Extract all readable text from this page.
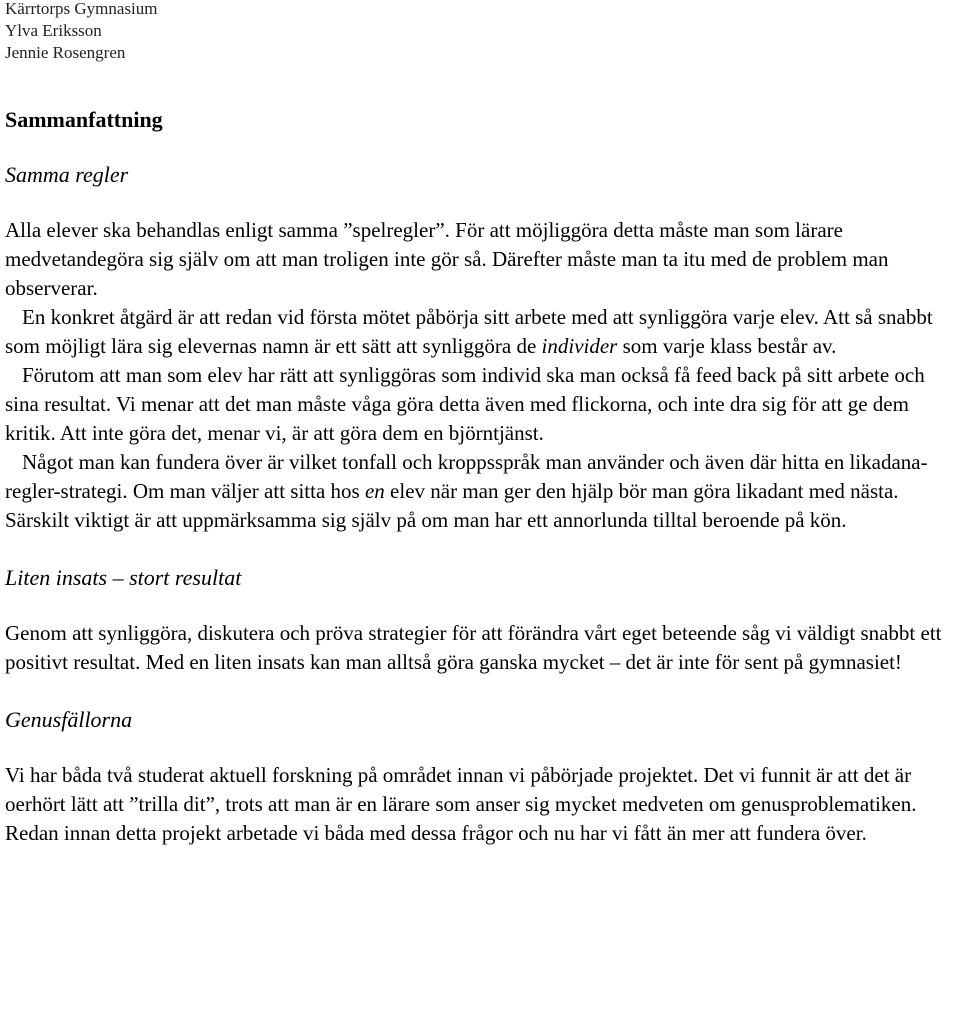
Kärrtorps Gymnasium
Ylva Eriksson
Jennie Rosengren
Sammanfattning
Samma regler

Alla elever ska behandlas enligt samma ”spelregler”. För att möjliggöra detta måste man som lärare medvetandegöra sig själv om att man troligen inte gör så. Därefter måste man ta itu med de problem man observerar.

En konkret åtgärd är att redan vid första mötet påbörja sitt arbete med att synliggöra varje elev. Att så snabbt som möjligt lära sig elevernas namn är ett sätt att synliggöra de individer som varje klass består av.

Förutom att man som elev har rätt att synliggöras som individ ska man också få feed back på sitt arbete och sina resultat. Vi menar att det man måste våga göra detta även med flickorna, och inte dra sig för att ge dem kritik. Att inte göra det, menar vi, är att göra dem en björntjänst.

Något man kan fundera över är vilket tonfall och kroppsspråk man använder och även där hitta en likadana-regler-strategi. Om man väljer att sitta hos en elev när man ger den hjälp bör man göra likadant med nästa. Särskilt viktigt är att uppmärksamma sig själv på om man har ett annorlunda tilltal beroende på kön.

Liten insats – stort resultat

Genom att synliggöra, diskutera och pröva strategier för att förändra vårt eget beteende såg vi väldigt snabbt ett positivt resultat. Med en liten insats kan man alltså göra ganska mycket – det är inte för sent på gymnasiet!

Genusfällorna

Vi har båda två studerat aktuell forskning på området innan vi påbörjade projektet. Det vi funnit är att det är oerhört lätt att ”trilla dit”, trots att man är en lärare som anser sig mycket medveten om genusproblematiken. Redan innan detta projekt arbetade vi båda med dessa frågor och nu har vi fått än mer att fundera över.
